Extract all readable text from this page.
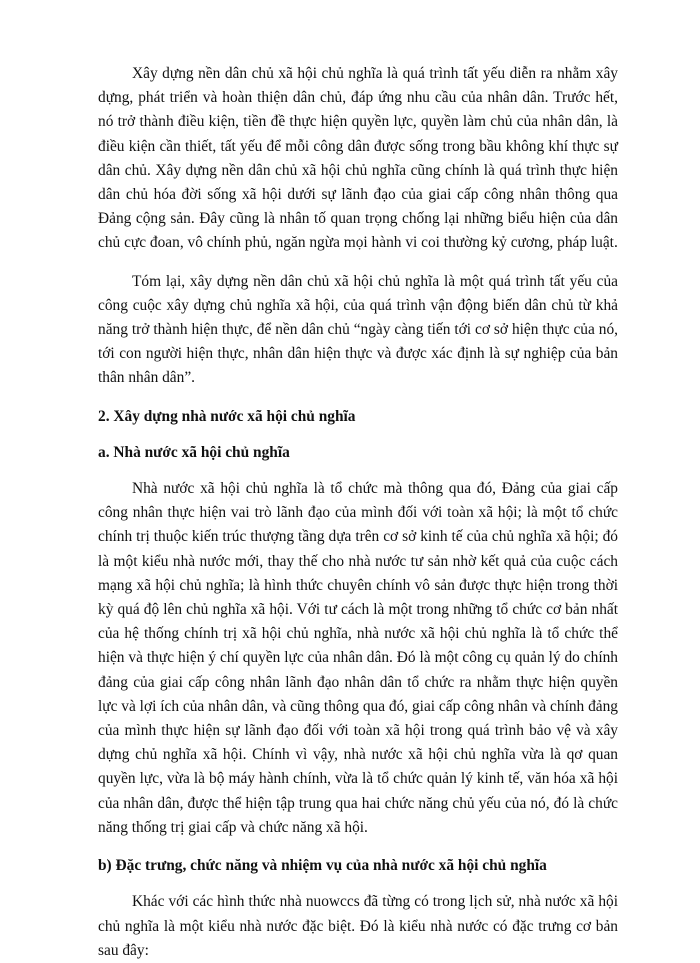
Xây dựng nền dân chủ xã hội chủ nghĩa là quá trình tất yếu diễn ra nhằm xây dựng, phát triển và hoàn thiện dân chủ, đáp ứng nhu cầu của nhân dân. Trước hết, nó trở thành điều kiện, tiền đề thực hiện quyền lực, quyền làm chủ của nhân dân, là điều kiện cần thiết, tất yếu để mỗi công dân được sống trong bầu không khí thực sự dân chủ. Xây dựng nền dân chủ xã hội chủ nghĩa cũng chính là quá trình thực hiện dân chủ hóa đời sống xã hội dưới sự lãnh đạo của giai cấp công nhân thông qua Đảng cộng sản. Đây cũng là nhân tố quan trọng chống lại những biểu hiện của dân chủ cực đoan, vô chính phủ, ngăn ngừa mọi hành vi coi thường kỷ cương, pháp luật.

Tóm lại, xây dựng nền dân chủ xã hội chủ nghĩa là một quá trình tất yếu của công cuộc xây dựng chủ nghĩa xã hội, của quá trình vận động biến dân chủ từ khả năng trở thành hiện thực, để nền dân chủ “ngày càng tiến tới cơ sở hiện thực của nó, tới con người hiện thực, nhân dân hiện thực và được xác định là sự nghiệp của bản thân nhân dân”.

2. Xây dựng nhà nước xã hội chủ nghĩa

a. Nhà nước xã hội chủ nghĩa

Nhà nước xã hội chủ nghĩa là tổ chức mà thông qua đó, Đảng của giai cấp công nhân thực hiện vai trò lãnh đạo của mình đối với toàn xã hội; là một tổ chức chính trị thuộc kiến trúc thượng tầng dựa trên cơ sở kinh tế của chủ nghĩa xã hội; đó là một kiểu nhà nước mới, thay thế cho nhà nước tư sản nhờ kết quả của cuộc cách mạng xã hội chủ nghĩa; là hình thức chuyên chính vô sản được thực hiện trong thời kỳ quá độ lên chủ nghĩa xã hội. Với tư cách là một trong những tổ chức cơ bản nhất của hệ thống chính trị xã hội chủ nghĩa, nhà nước xã hội chủ nghĩa là tổ chức thể hiện và thực hiện ý chí quyền lực của nhân dân. Đó là một công cụ quản lý do chính đảng của giai cấp công nhân lãnh đạo nhân dân tổ chức ra nhằm thực hiện quyền lực và lợi ích của nhân dân, và cũng thông qua đó, giai cấp công nhân và chính đảng của mình thực hiện sự lãnh đạo đối với toàn xã hội trong quá trình bảo vệ và xây dựng chủ nghĩa xã hội. Chính vì vậy, nhà nước xã hội chủ nghĩa vừa là qơ quan quyền lực, vừa là bộ máy hành chính, vừa là tổ chức quản lý kinh tế, văn hóa xã hội của nhân dân, được thể hiện tập trung qua hai chức năng chủ yếu của nó, đó là chức năng thống trị giai cấp và chức năng xã hội.

b) Đặc trưng, chức năng và nhiệm vụ của nhà nước xã hội chủ nghĩa

Khác với các hình thức nhà nuowccs đã từng có trong lịch sử, nhà nước xã hội chủ nghĩa là một kiểu nhà nước đặc biệt. Đó là kiểu nhà nước có đặc trưng cơ bản sau đây:
